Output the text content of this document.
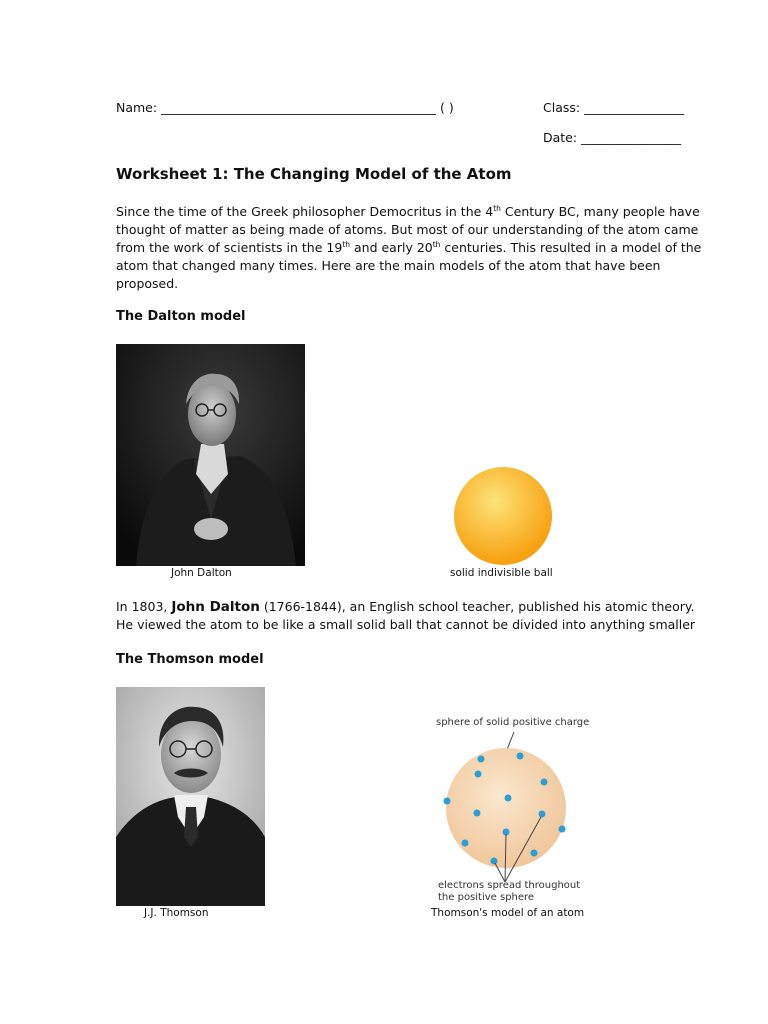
Name: ____________________________________________ ( )	Class: ________________
Date: ________________
Worksheet 1: The Changing Model of the Atom
Since the time of the Greek philosopher Democritus in the 4th Century BC, many people have thought of matter as being made of atoms. But most of our understanding of the atom came from the work of scientists in the 19th and early 20th centuries. This resulted in a model of the atom that changed many times. Here are the main models of the atom that have been proposed.
The Dalton model
John Dalton	solid indivisible ball
In 1803, John Dalton (1766-1844), an English school teacher, published his atomic theory. He viewed the atom to be like a small solid ball that cannot be divided into anything smaller
The Thomson model
J.J. Thomson
sphere of solid positive charge
electrons spread throughout
the positive sphere
Thomson's model of an atom
